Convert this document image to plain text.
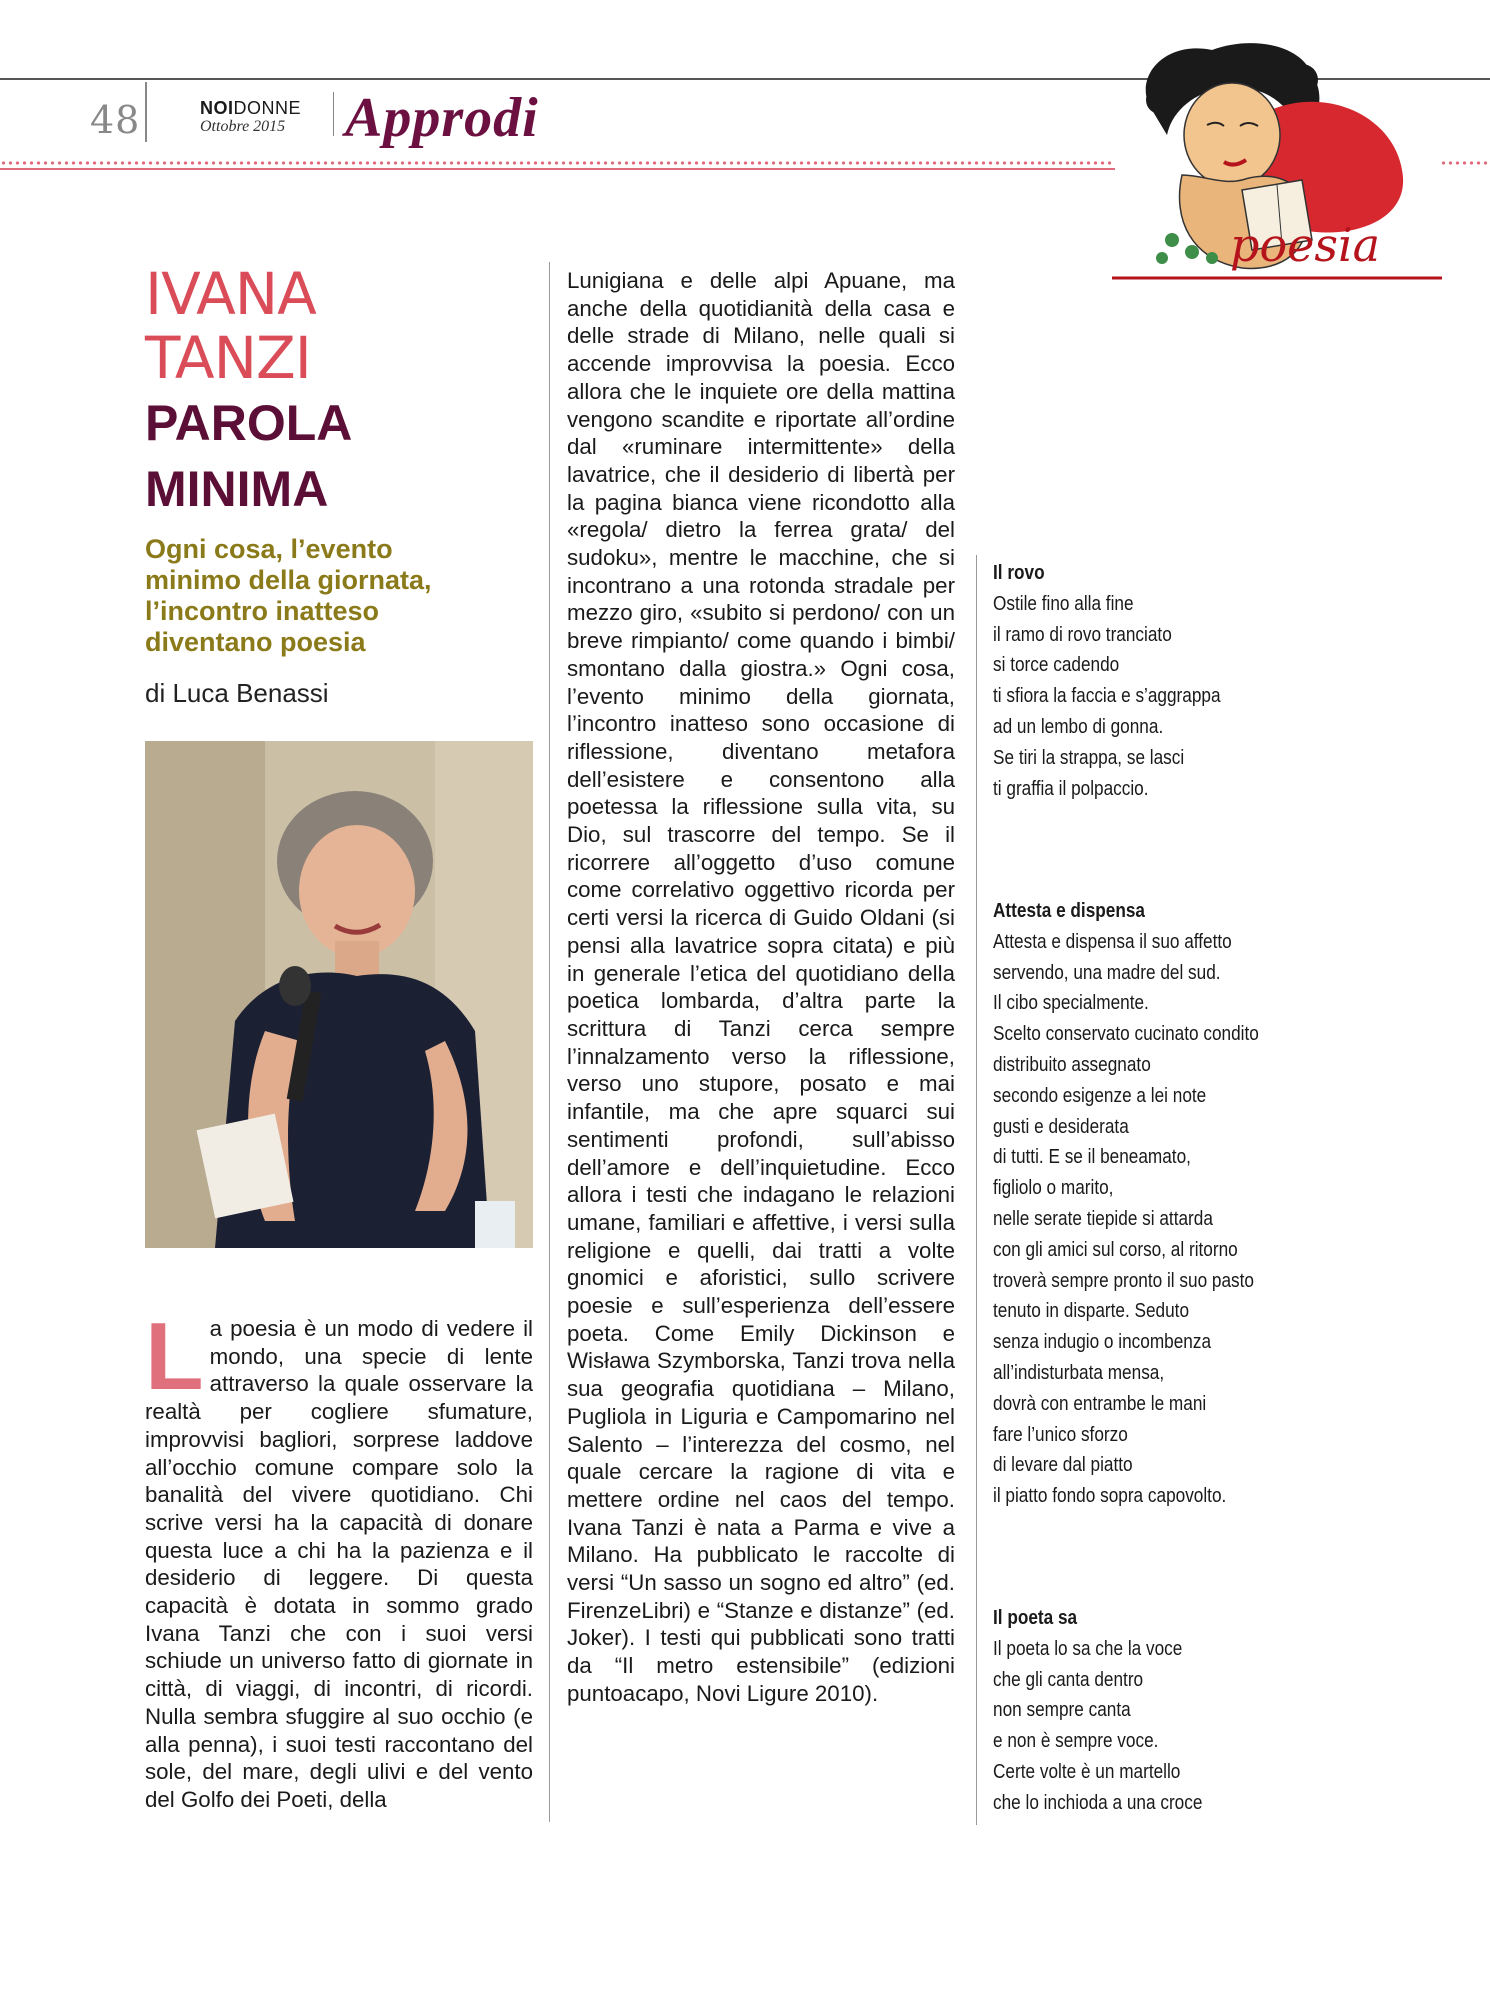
48	NOIDONNE
Ottobre 2015 Approdi
poesia
IVANA
TANZI
PAROLA
MINIMA
Ogni cosa, l’evento minimo della giornata, l’incontro inatteso diventano poesia
di Luca Benassi
La poesia è un modo di vedere il mondo, una specie di lente attraverso la quale osservare la realtà per cogliere sfumature, improvvisi bagliori, sorprese laddove all’occhio comune compare solo la banalità del vivere quotidiano. Chi scrive versi ha la capacità di donare questa luce a chi ha la pazienza e il desiderio di leggere. Di questa capacità è dotata in sommo grado Ivana Tanzi che con i suoi versi schiude un universo fatto di giornate in città, di viaggi, di incontri, di ricordi. Nulla sembra sfuggire al suo occhio (e alla penna), i suoi testi raccontano del sole, del mare, degli ulivi e del vento del Golfo dei Poeti, della
Lunigiana e delle alpi Apuane, ma anche della quotidianità della casa e delle strade di Milano, nelle quali si accende improvvisa la poesia. Ecco allora che le inquiete ore della mattina vengono scandite e riportate all’ordine dal «ruminare intermittente» della lavatrice, che il desiderio di libertà per la pagina bianca viene ricondotto alla «regola/ dietro la ferrea grata/ del sudoku», mentre le macchine, che si incontrano a una rotonda stradale per mezzo giro, «subito si perdono/ con un breve rimpianto/ come quando i bimbi/ smontano dalla giostra.» Ogni cosa, l’evento minimo della giornata, l’incontro inatteso sono occasione di riflessione, diventano metafora dell’esistere e consentono alla poetessa la riflessione sulla vita, su Dio, sul trascorre del tempo. Se il ricorrere all’oggetto d’uso comune come correlativo oggettivo ricorda per certi versi la ricerca di Guido Oldani (si pensi alla lavatrice sopra citata) e più in generale l’etica del quotidiano della poetica lombarda, d’altra parte la scrittura di Tanzi cerca sempre l’innalzamento verso la riflessione, verso uno stupore, posato e mai infantile, ma che apre squarci sui sentimenti profondi, sull’abisso dell’amore e dell’inquietudine. Ecco allora i testi che indagano le relazioni umane, familiari e affettive, i versi sulla religione e quelli, dai tratti a volte gnomici e aforistici, sullo scrivere poesie e sull’esperienza dell’essere poeta. Come Emily Dickinson e Wisława Szymborska, Tanzi trova nella sua geografia quotidiana – Milano, Pugliola in Liguria e Campomarino nel Salento – l’interezza del cosmo, nel quale cercare la ragione di vita e mettere ordine nel caos del tempo. Ivana Tanzi è nata a Parma e vive a Milano. Ha pubblicato le raccolte di versi “Un sasso un sogno ed altro” (ed. FirenzeLibri) e “Stanze e distanze” (ed. Joker). I testi qui pubblicati sono tratti da “Il metro estensibile” (edizioni puntoacapo, Novi Ligure 2010).
Il rovo
Ostile fino alla fine
il ramo di rovo tranciato
si torce cadendo
ti sfiora la faccia e s’aggrappa
ad un lembo di gonna.
Se tiri la strappa, se lasci
ti graffia il polpaccio.
Attesta e dispensa
Attesta e dispensa il suo affetto
servendo, una madre del sud.
Il cibo specialmente.
Scelto conservato cucinato condito
distribuito assegnato
secondo esigenze a lei note
gusti e desiderata
di tutti. E se il beneamato,
figliolo o marito,
nelle serate tiepide si attarda
con gli amici sul corso, al ritorno
troverà sempre pronto il suo pasto
tenuto in disparte. Seduto
senza indugio o incombenza
all’indisturbata mensa,
dovrà con entrambe le mani
fare l’unico sforzo
di levare dal piatto
il piatto fondo sopra capovolto.
Il poeta sa
Il poeta lo sa che la voce
che gli canta dentro
non sempre canta
e non è sempre voce.
Certe volte è un martello
che lo inchioda a una croce
